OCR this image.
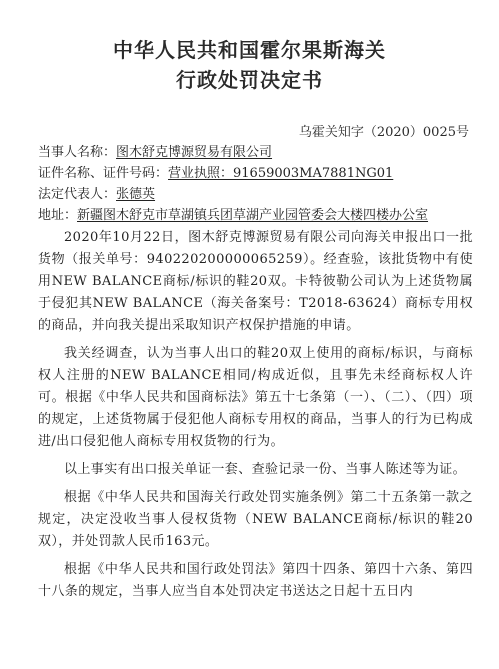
中华人民共和国霍尔果斯海关
行政处罚决定书
乌霍关知字（2020）0025号
当事人名称：图木舒克博源贸易有限公司
证件名称、证件号码：营业执照：91659003MA7881NG01
法定代表人：张德英
地址：新疆图木舒克市草湖镇兵团草湖产业园管委会大楼四楼办公室

2020年10月22日，图木舒克博源贸易有限公司向海关申报出口一批货物（报关单号：940220200000065259）。经查验，该批货物中有使用NEW BALANCE商标/标识的鞋20双。卡特彼勒公司认为上述货物属于侵犯其NEW BALANCE（海关备案号：T2018-63624）商标专用权的商品，并向我关提出采取知识产权保护措施的申请。

我关经调查，认为当事人出口的鞋20双上使用的商标/标识，与商标权人注册的NEW BALANCE相同/构成近似，且事先未经商标权人许可。根据《中华人民共和国商标法》第五十七条第（一）、（二）、（四）项的规定，上述货物属于侵犯他人商标专用权的商品，当事人的行为已构成进/出口侵犯他人商标专用权货物的行为。

以上事实有出口报关单证一套、查验记录一份、当事人陈述等为证。

根据《中华人民共和国海关行政处罚实施条例》第二十五条第一款之规定，决定没收当事人侵权货物（NEW BALANCE商标/标识的鞋20双），并处罚款人民币163元。

根据《中华人民共和国行政处罚法》第四十四条、第四十六条、第四十八条的规定，当事人应当自本处罚决定书送达之日起十五日内
